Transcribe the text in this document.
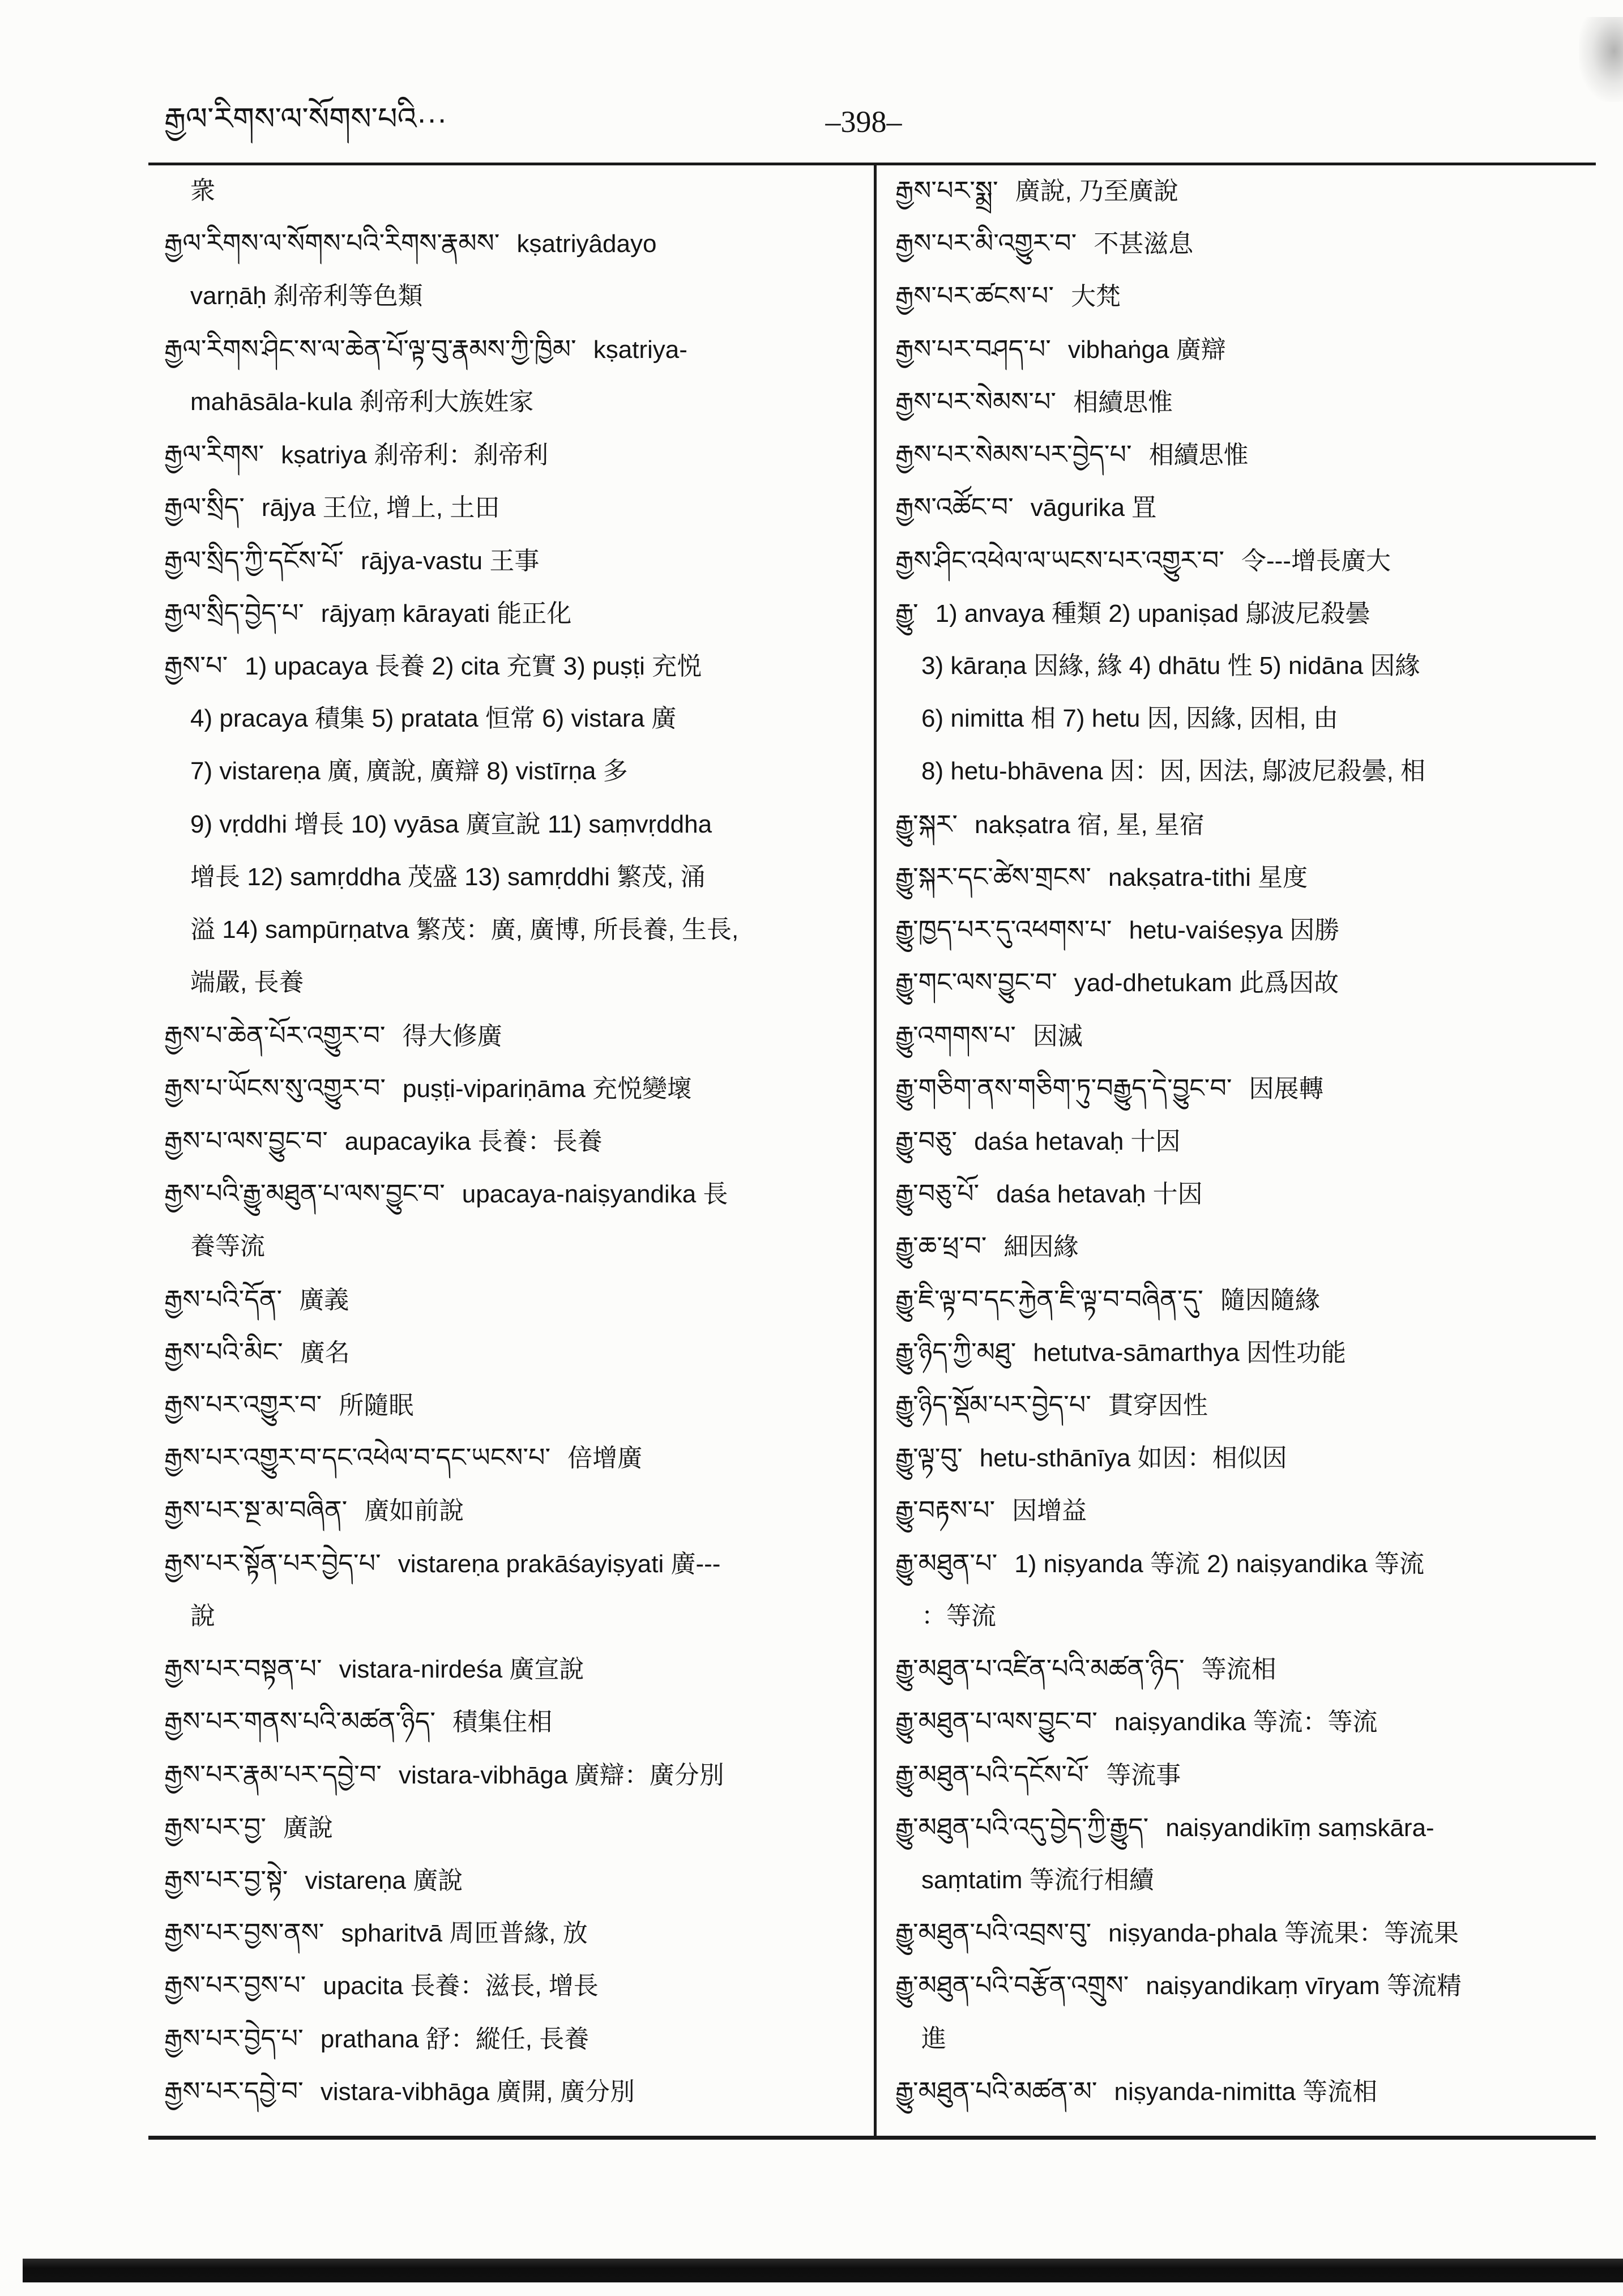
རྒྱལ་རིགས་ལ་སོགས་པའི···	–398–
衆
རྒྱལ་རིགས་ལ་སོགས་པའི་རིགས་རྣམས་ kṣatriyâdayo
varṇāḥ 刹帝利等色類
རྒྱལ་རིགས་ཤིང་ས་ལ་ཆེན་པོ་ལྟ་བུ་རྣམས་ཀྱི་ཁྱིམ་ kṣatriya-
mahāsāla-kula 刹帝利大族姓家
རྒྱལ་རིགས་ kṣatriya 刹帝利：刹帝利
རྒྱལ་སྲིད་ rājya 王位, 增上, 土田
རྒྱལ་སྲིད་ཀྱི་དངོས་པོ་ rājya-vastu 王事
རྒྱལ་སྲིད་བྱེད་པ་ rājyaṃ kārayati 能正化
རྒྱས་པ་ 1) upacaya 長養 2) cita 充實 3) puṣṭi 充悦
4) pracaya 積集 5) pratata 恒常 6) vistara 廣
7) vistareṇa 廣, 廣說, 廣辯 8) vistīrṇa 多
9) vṛddhi 增長 10) vyāsa 廣宣說 11) saṃvṛddha
增長 12) samṛddha 茂盛 13) samṛddhi 繁茂, 涌
溢 14) sampūrṇatva 繁茂：廣, 廣博, 所長養, 生長,
端嚴, 長養
རྒྱས་པ་ཆེན་པོར་འགྱུར་བ་ 得大修廣
རྒྱས་པ་ཡོངས་སུ་འགྱུར་བ་ puṣṭi-vipariṇāma 充悦變壞
རྒྱས་པ་ལས་བྱུང་བ་ aupacayika 長養：長養
རྒྱས་པའི་རྒྱུ་མཐུན་པ་ལས་བྱུང་བ་ upacaya-naiṣyandika 長
養等流
རྒྱས་པའི་དོན་ 廣義
རྒྱས་པའི་མིང་ 廣名
རྒྱས་པར་འགྱུར་བ་ 所隨眠
རྒྱས་པར་འགྱུར་བ་དང་འཕེལ་བ་དང་ཡངས་པ་ 倍增廣
རྒྱས་པར་སྔ་མ་བཞིན་ 廣如前說
རྒྱས་པར་སྟོན་པར་བྱེད་པ་ vistareṇa prakāśayiṣyati 廣---
說
རྒྱས་པར་བསྟན་པ་ vistara-nirdeśa 廣宣說
རྒྱས་པར་གནས་པའི་མཚན་ཉིད་ 積集住相
རྒྱས་པར་རྣམ་པར་དབྱེ་བ་ vistara-vibhāga 廣辯：廣分別
རྒྱས་པར་བྱ་ 廣說
རྒྱས་པར་བྱ་སྟེ་ vistareṇa 廣說
རྒྱས་པར་བྱས་ནས་ spharitvā 周匝普緣, 放
རྒྱས་པར་བྱས་པ་ upacita 長養：滋長, 增長
རྒྱས་པར་བྱེད་པ་ prathana 舒：縱任, 長養
རྒྱས་པར་དབྱེ་བ་ vistara-vibhāga 廣開, 廣分別
རྒྱས་པར་སྨྲ་ 廣說, 乃至廣說
རྒྱས་པར་མི་འགྱུར་བ་ 不甚滋息
རྒྱས་པར་ཚངས་པ་ 大梵
རྒྱས་པར་བཤད་པ་ vibhaṅga 廣辯
རྒྱས་པར་སེམས་པ་ 相續思惟
རྒྱས་པར་སེམས་པར་བྱེད་པ་ 相續思惟
རྒྱས་འཚོང་བ་ vāgurika 罝
རྒྱས་ཤིང་འཕེལ་ལ་ཡངས་པར་འགྱུར་བ་ 令---增長廣大
རྒྱུ་ 1) anvaya 種類 2) upaniṣad 鄔波尼殺曇
3) kāraṇa 因緣, 緣 4) dhātu 性 5) nidāna 因緣
6) nimitta 相 7) hetu 因, 因緣, 因相, 由
8) hetu-bhāvena 因：因, 因法, 鄔波尼殺曇, 相
རྒྱུ་སྐར་ nakṣatra 宿, 星, 星宿
རྒྱུ་སྐར་དང་ཚེས་གྲངས་ nakṣatra-tithi 星度
རྒྱུ་ཁྱད་པར་དུ་འཕགས་པ་ hetu-vaiśeṣya 因勝
རྒྱུ་གང་ལས་བྱུང་བ་ yad-dhetukam 此爲因故
རྒྱུ་འགགས་པ་ 因滅
རྒྱུ་གཅིག་ནས་གཅིག་ཏུ་བརྒྱུད་དེ་བྱུང་བ་ 因展轉
རྒྱུ་བཅུ་ daśa hetavaḥ 十因
རྒྱུ་བཅུ་པོ་ daśa hetavaḥ 十因
རྒྱུ་ཆ་ཕྲ་བ་ 細因緣
རྒྱུ་ཇི་ལྟ་བ་དང་རྐྱེན་ཇི་ལྟ་བ་བཞིན་དུ་ 隨因隨緣
རྒྱུ་ཉིད་ཀྱི་མཐུ་ hetutva-sāmarthya 因性功能
རྒྱུ་ཉིད་སྡོམ་པར་བྱེད་པ་ 貫穿因性
རྒྱུ་ལྟ་བུ་ hetu-sthānīya 如因：相似因
རྒྱུ་བརྟས་པ་ 因增益
རྒྱུ་མཐུན་པ་ 1) niṣyanda 等流 2) naiṣyandika 等流
：等流
རྒྱུ་མཐུན་པ་འཛིན་པའི་མཚན་ཉིད་ 等流相
རྒྱུ་མཐུན་པ་ལས་བྱུང་བ་ naiṣyandika 等流：等流
རྒྱུ་མཐུན་པའི་དངོས་པོ་ 等流事
རྒྱུ་མཐུན་པའི་འདུ་བྱེད་ཀྱི་རྒྱུད་ naiṣyandikīṃ saṃskāra-
saṃtatim 等流行相續
རྒྱུ་མཐུན་པའི་འབྲས་བུ་ niṣyanda-phala 等流果：等流果
རྒྱུ་མཐུན་པའི་བརྩོན་འགྲུས་ naiṣyandikaṃ vīryam 等流精
進
རྒྱུ་མཐུན་པའི་མཚན་མ་ niṣyanda-nimitta 等流相
